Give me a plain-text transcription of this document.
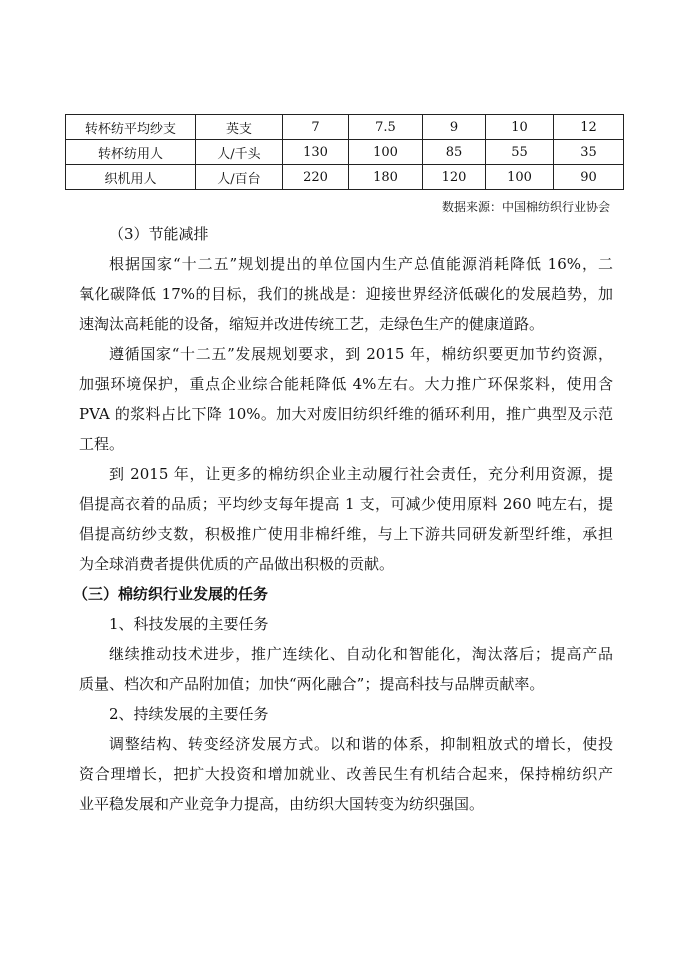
转杯纺平均纱支	英支	7	7.5	9	10	12
转杯纺用人	人/千头	130	100	85	55	35
织机用人	人/百台	220	180	120	100	90
数据来源：中国棉纺织行业协会
（3）节能减排
根据国家“十二五”规划提出的单位国内生产总值能源消耗降低 16%，二
氧化碳降低 17%的目标，我们的挑战是：迎接世界经济低碳化的发展趋势，加
速淘汰高耗能的设备，缩短并改进传统工艺，走绿色生产的健康道路。
遵循国家“十二五”发展规划要求，到 2015 年，棉纺织要更加节约资源，
加强环境保护，重点企业综合能耗降低 4%左右。大力推广环保浆料，使用含
PVA 的浆料占比下降 10%。加大对废旧纺织纤维的循环利用，推广典型及示范
工程。
到 2015 年，让更多的棉纺织企业主动履行社会责任，充分利用资源，提
倡提高衣着的品质；平均纱支每年提高 1 支，可减少使用原料 260 吨左右，提
倡提高纺纱支数，积极推广使用非棉纤维，与上下游共同研发新型纤维，承担
为全球消费者提供优质的产品做出积极的贡献。
（三）棉纺织行业发展的任务
1、科技发展的主要任务
继续推动技术进步，推广连续化、自动化和智能化，淘汰落后；提高产品
质量、档次和产品附加值；加快“两化融合”；提高科技与品牌贡献率。
2、持续发展的主要任务
调整结构、转变经济发展方式。以和谐的体系，抑制粗放式的增长，使投
资合理增长，把扩大投资和增加就业、改善民生有机结合起来，保持棉纺织产
业平稳发展和产业竞争力提高，由纺织大国转变为纺织强国。
